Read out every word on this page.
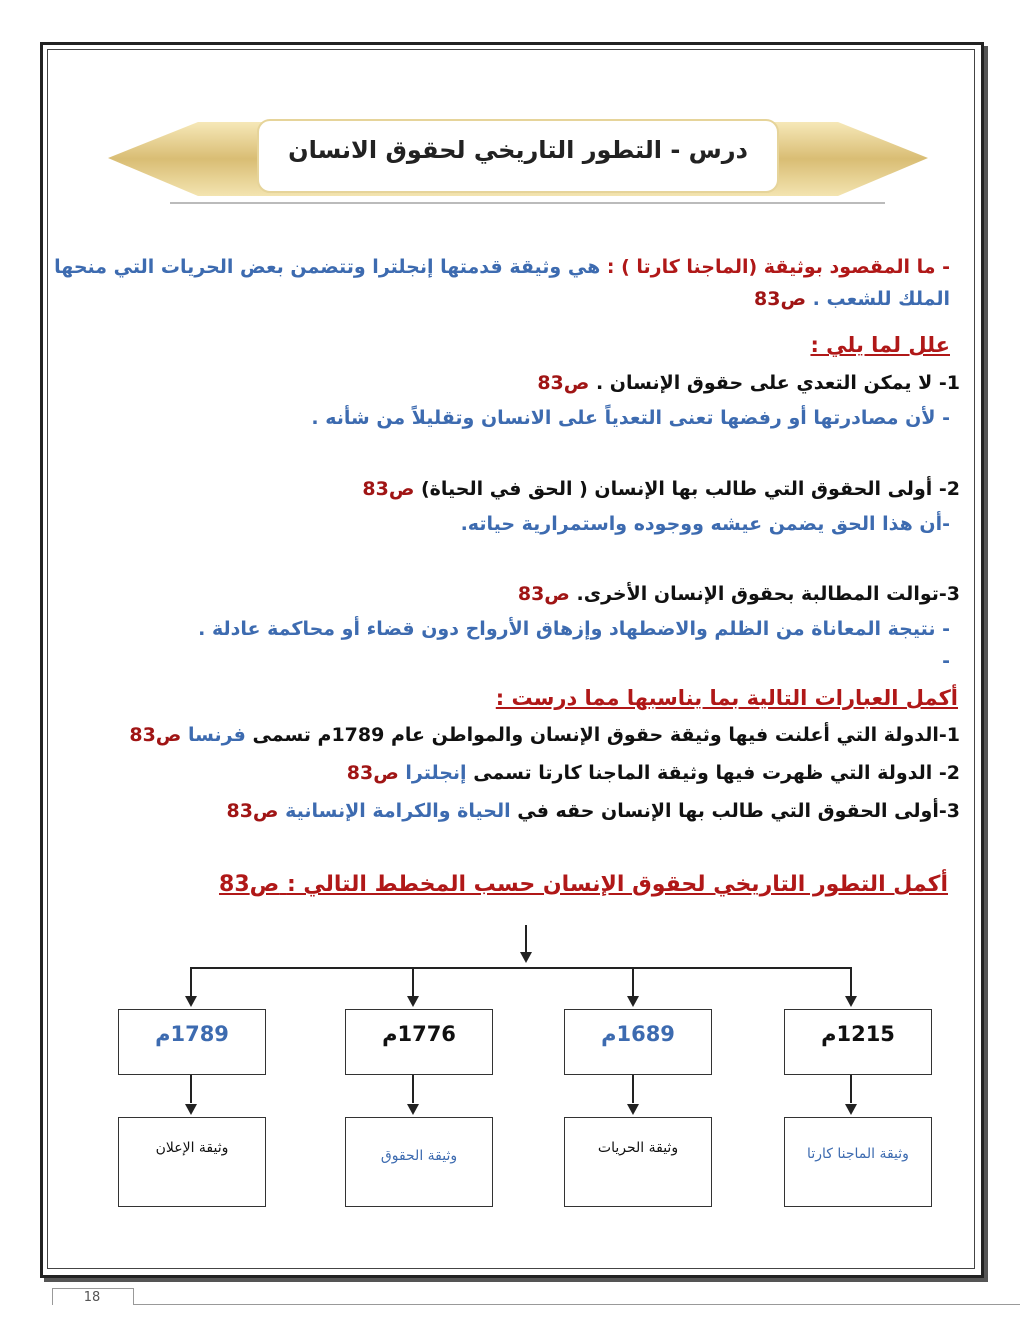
درس - التطور التاريخي لحقوق الانسان
- ما المقصود بوثيقة (الماجنا كارتا ) : هي وثيقة قدمتها إنجلترا وتتضمن بعض الحريات التي منحها
الملك للشعب . ص83
علل لما يلي :
1- لا يمكن التعدي على حقوق الإنسان . ص83
- لأن مصادرتها أو رفضها تعنى التعدياً على الانسان وتقليلاً من شأنه .
2- أولى الحقوق التي طالب بها الإنسان ( الحق في الحياة) ص83
-أن هذا الحق يضمن عيشه ووجوده واستمرارية حياته.
3-توالت المطالبة بحقوق الإنسان الأخرى. ص83
- نتيجة المعاناة من الظلم والاضطهاد وإزهاق الأرواح دون قضاء أو محاكمة عادلة .
-
أكمل العبارات التالية بما يناسبها مما درست :
1-الدولة التي أعلنت فيها وثيقة حقوق الإنسان والمواطن عام 1789م تسمى فرنسا ص83
2- الدولة التي ظهرت فيها وثيقة الماجنا كارتا تسمى إنجلترا ص83
3-أولى الحقوق التي طالب بها الإنسان حقه في الحياة والكرامة الإنسانية ص83
أكمل التطور التاريخي لحقوق الإنسان حسب المخطط التالي : ص83
1789م	1776م	1689م	1215م
وثيقة الإعلان	وثيقة الحقوق	وثيقة الحريات	وثيقة الماجنا كارتا
18
